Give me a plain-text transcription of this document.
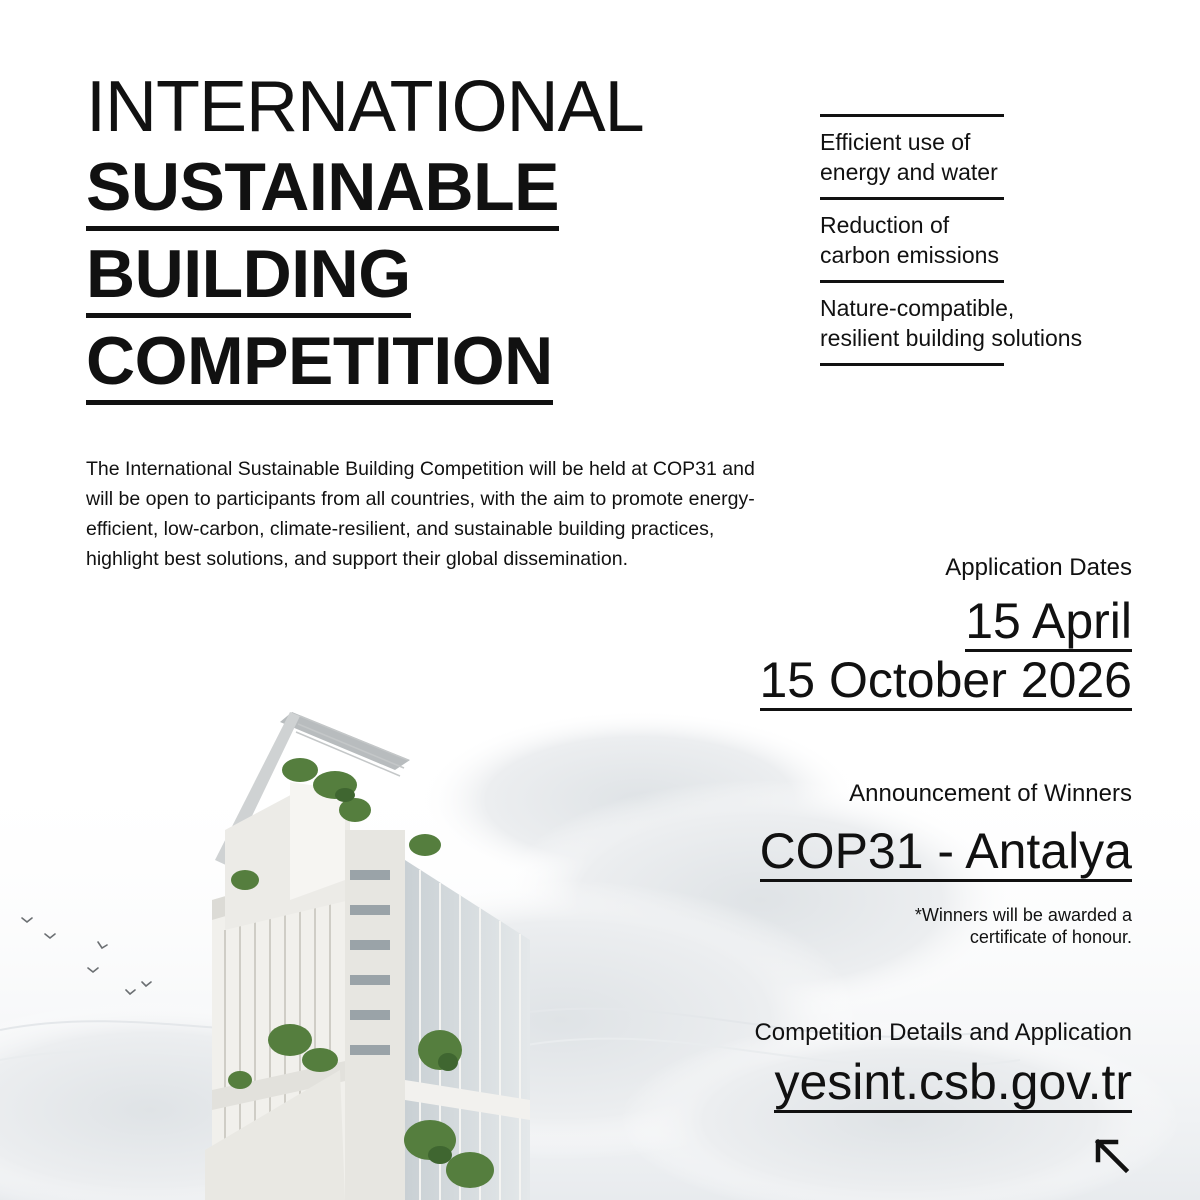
INTERNATIONAL
SUSTAINABLE
BUILDING
COMPETITION
Efficient use of
energy and water
Reduction of
carbon emissions
Nature-compatible,
resilient building solutions

The International Sustainable Building Competition will be held at COP31 and will be open to participants from all countries, with the aim to promote energy-efficient, low-carbon, climate-resilient, and sustainable building practices, highlight best solutions, and support their global dissemination.	Application Dates

15 April
15 October 2026

Announcement of Winners

COP31 - Antalya

*Winners will be awarded a

certificate of honour.

Competition Details and Application

yesint.csb.gov.tr
